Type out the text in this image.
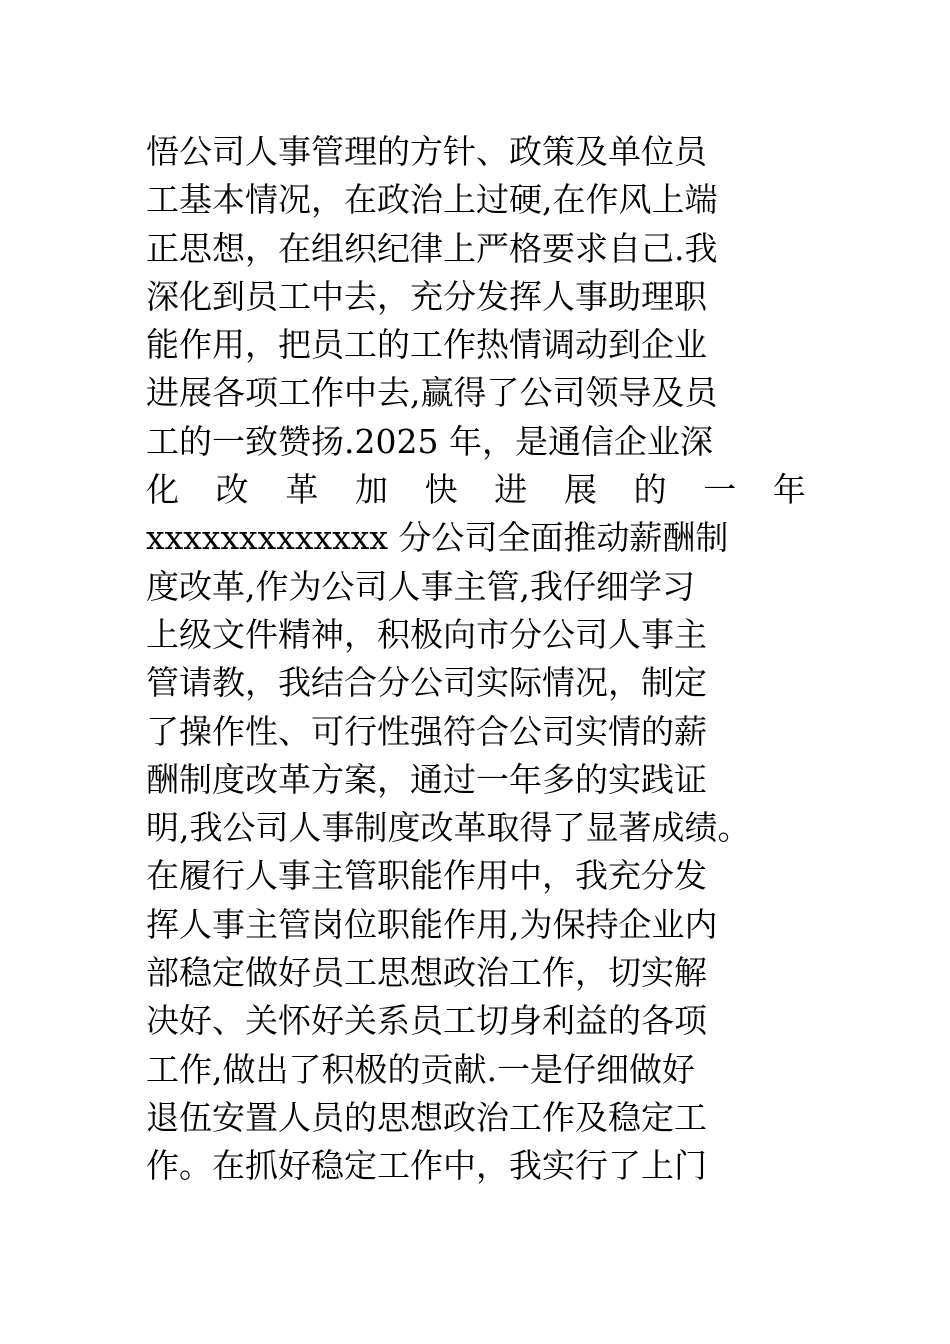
悟公司人事管理的方针、政策及单位员
工基本情况，在政治上过硬,在作风上端
正思想，在组织纪律上严格要求自己.我
深化到员工中去，充分发挥人事助理职
能作用，把员工的工作热情调动到企业
进展各项工作中去,赢得了公司领导及员
工的一致赞扬.2025 年，是通信企业深
化 改 革 加 快 进 展 的 一 年
xxxxxxxxxxxxx 分公司全面推动薪酬制
度改革,作为公司人事主管,我仔细学习
上级文件精神，积极向市分公司人事主
管请教，我结合分公司实际情况，制定
了操作性、可行性强符合公司实情的薪
酬制度改革方案，通过一年多的实践证
明,我公司人事制度改革取得了显著成绩。
在履行人事主管职能作用中，我充分发
挥人事主管岗位职能作用,为保持企业内
部稳定做好员工思想政治工作，切实解
决好、关怀好关系员工切身利益的各项
工作,做出了积极的贡献.一是仔细做好
退伍安置人员的思想政治工作及稳定工
作。在抓好稳定工作中，我实行了上门
